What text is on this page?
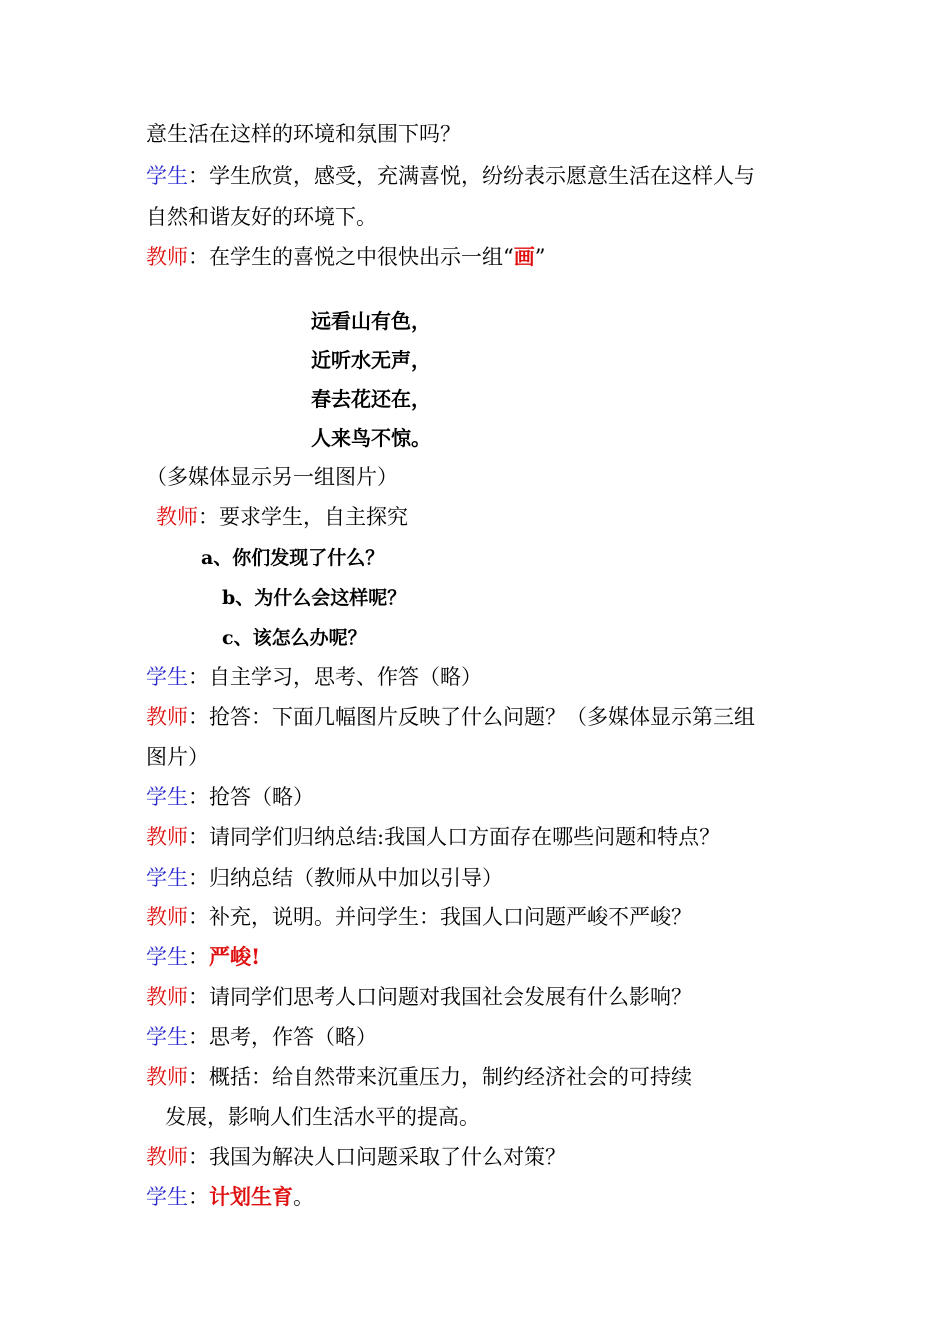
意生活在这样的环境和氛围下吗？
学生：学生欣赏，感受，充满喜悦，纷纷表示愿意生活在这样人与
自然和谐友好的环境下。
教师：在学生的喜悦之中很快出示一组“画”
远看山有色，
近听水无声，
春去花还在，
人来鸟不惊。
（多媒体显示另一组图片）
教师：要求学生，自主探究
a、你们发现了什么？
b、为什么会这样呢？
c、该怎么办呢？
学生：自主学习，思考、作答（略）
教师：抢答：下面几幅图片反映了什么问题？（多媒体显示第三组
图片）
学生：抢答（略）
教师：请同学们归纳总结:我国人口方面存在哪些问题和特点？
学生：归纳总结（教师从中加以引导）
教师：补充，说明。并问学生：我国人口问题严峻不严峻？
学生：严峻!
教师：请同学们思考人口问题对我国社会发展有什么影响？
学生：思考，作答（略）
教师：概括：给自然带来沉重压力，制约经济社会的可持续
发展，影响人们生活水平的提高。
教师：我国为解决人口问题采取了什么对策？
学生：计划生育。
